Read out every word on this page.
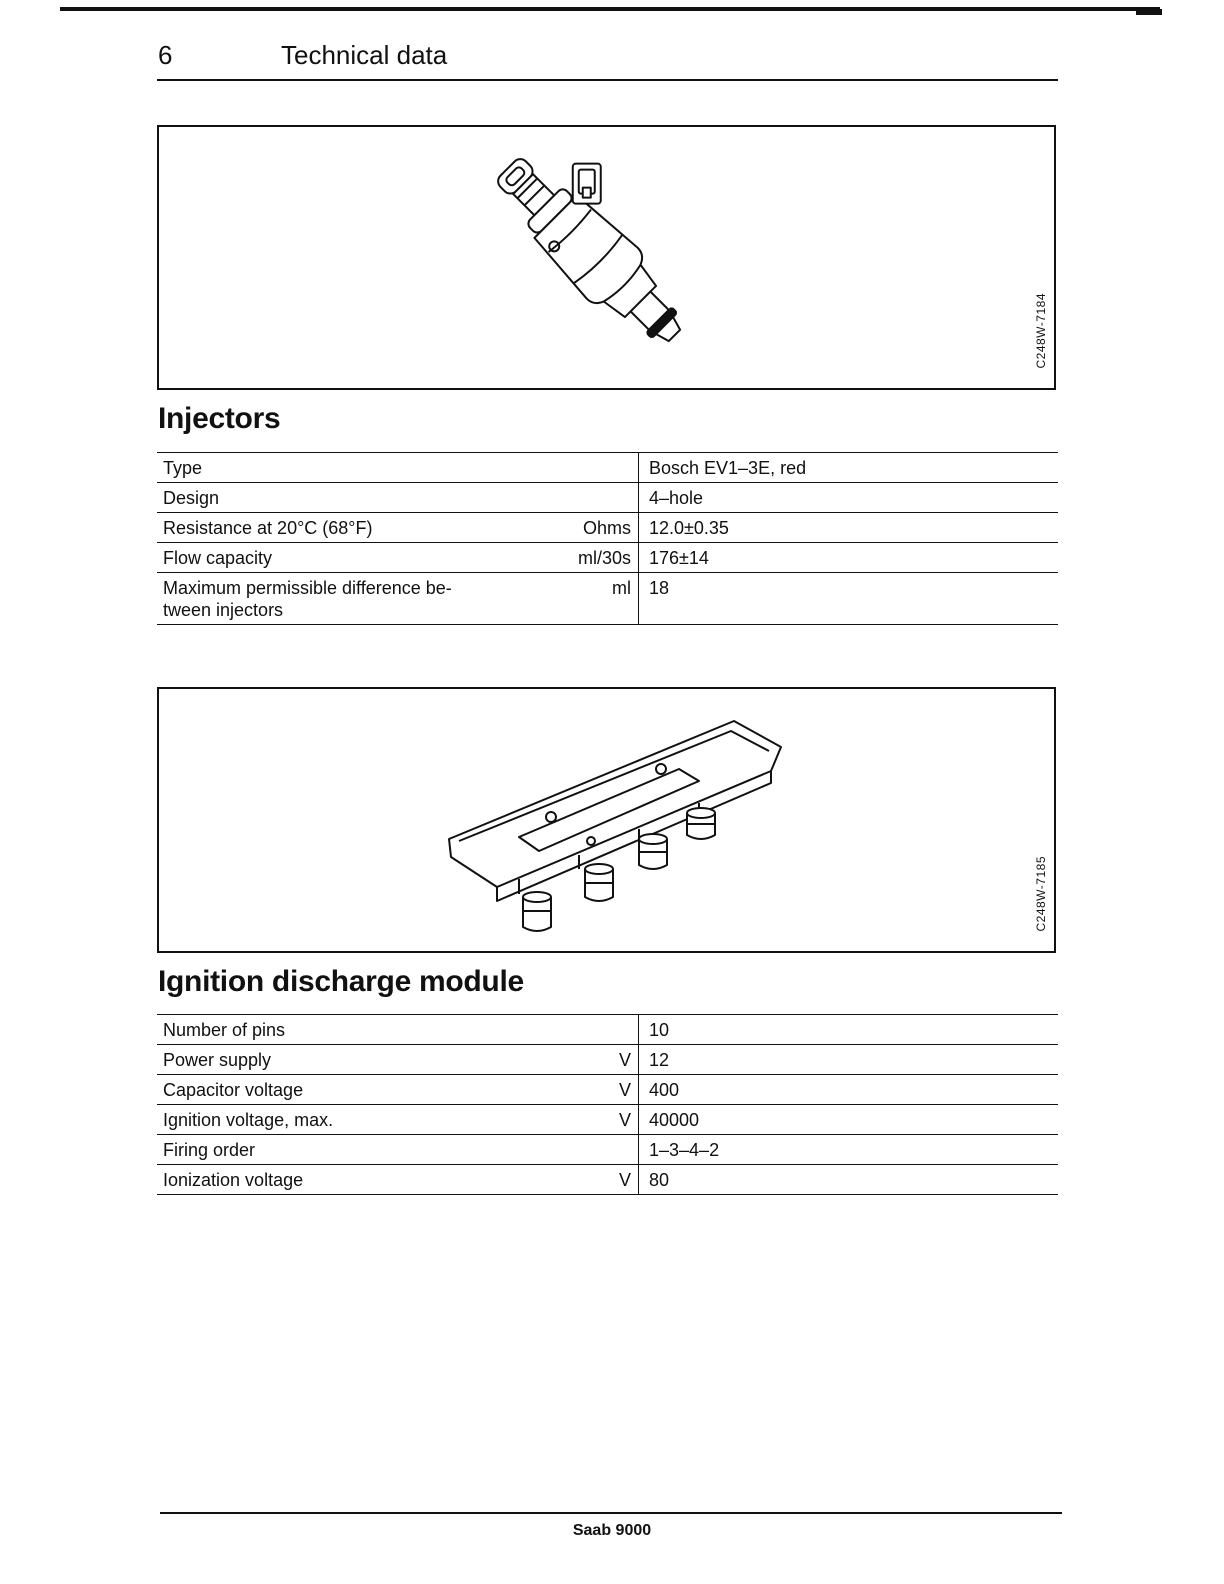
6	Technical data
C248W-7184
Injectors
Type		Bosch EV1–3E, red
Design		4–hole
Resistance at 20°C (68°F)	Ohms	12.0±0.35
Flow capacity	ml/30s	176±14
Maximum permissible difference be-
tween injectors	ml	18
C248W-7185
Ignition discharge module
Number of pins		10
Power supply	V	12
Capacitor voltage	V	400
Ignition voltage, max.	V	40000
Firing order		1–3–4–2
Ionization voltage	V	80
Saab 9000
